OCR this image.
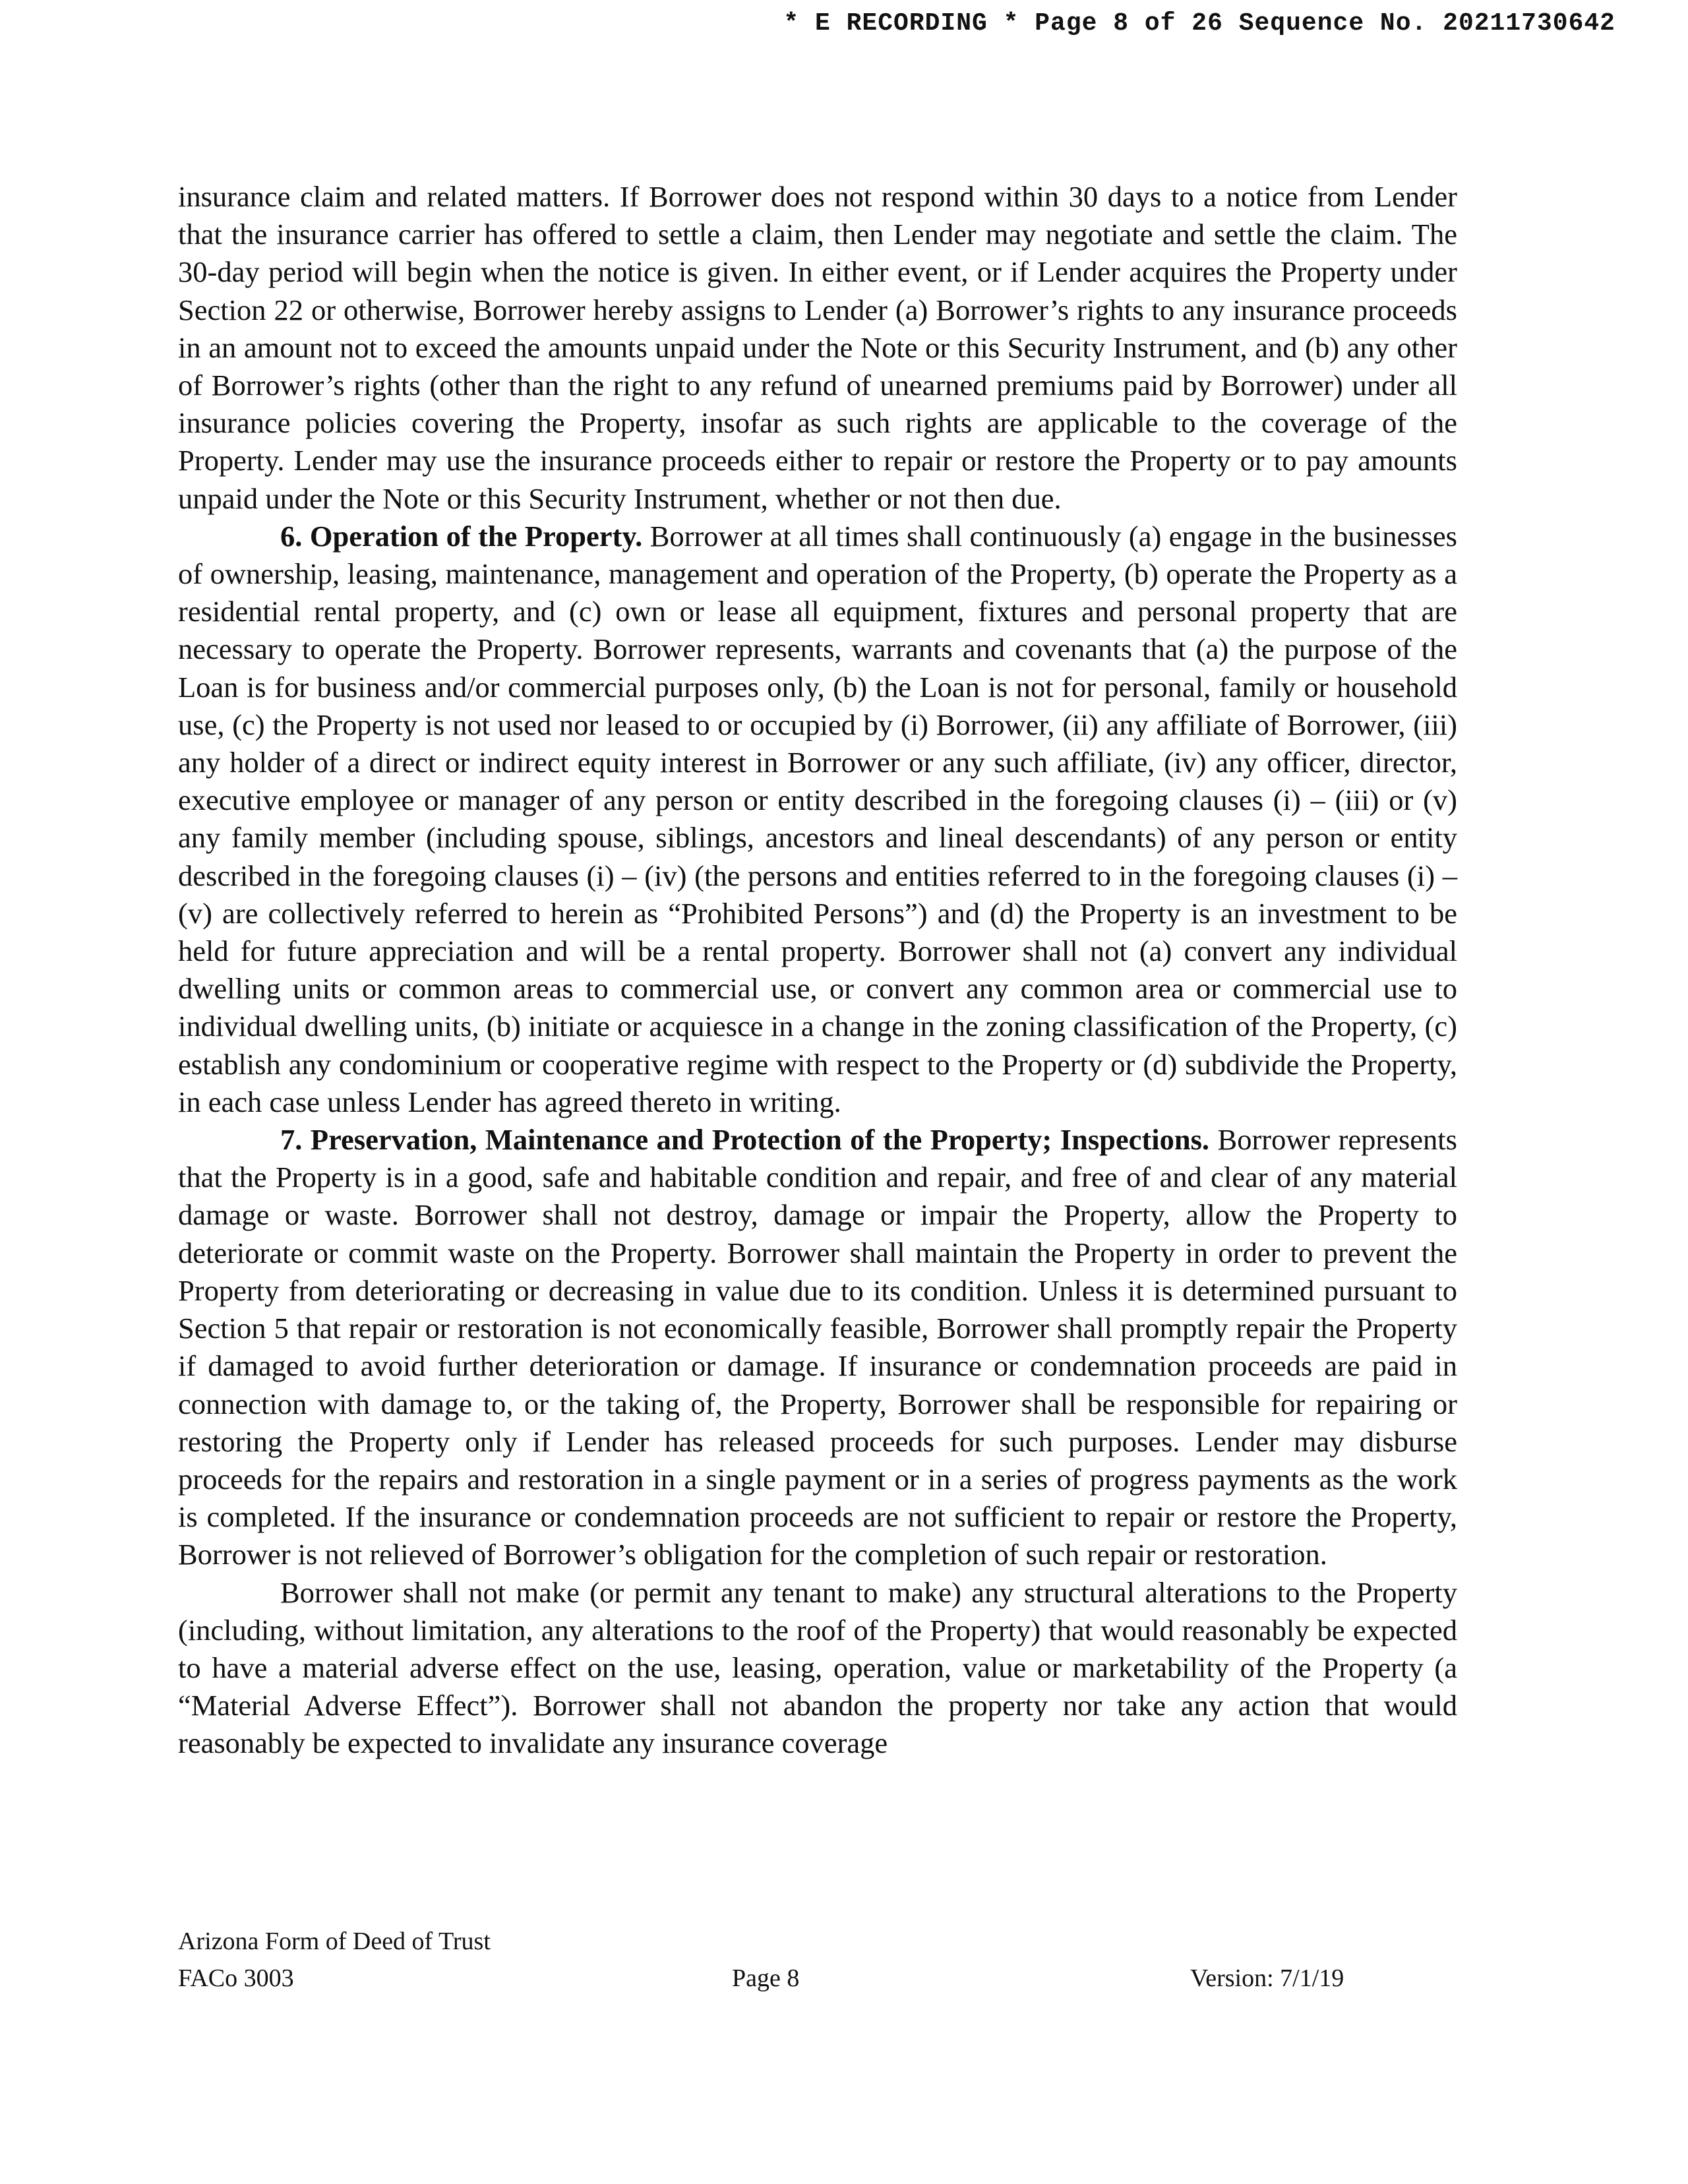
* E RECORDING * Page 8 of 26 Sequence No. 20211730642

insurance claim and related matters. If Borrower does not respond within 30 days to a notice from Lender that the insurance carrier has offered to settle a claim, then Lender may negotiate and settle the claim. The 30-day period will begin when the notice is given. In either event, or if Lender acquires the Property under Section 22 or otherwise, Borrower hereby assigns to Lender (a) Borrower’s rights to any insurance proceeds in an amount not to exceed the amounts unpaid under the Note or this Security Instrument, and (b) any other of Borrower’s rights (other than the right to any refund of unearned premiums paid by Borrower) under all insurance policies covering the Property, insofar as such rights are applicable to the coverage of the Property. Lender may use the insurance proceeds either to repair or restore the Property or to pay amounts unpaid under the Note or this Security Instrument, whether or not then due.

6. Operation of the Property. Borrower at all times shall continuously (a) engage in the businesses of ownership, leasing, maintenance, management and operation of the Property, (b) operate the Property as a residential rental property, and (c) own or lease all equipment, fixtures and personal property that are necessary to operate the Property. Borrower represents, warrants and covenants that (a) the purpose of the Loan is for business and/or commercial purposes only, (b) the Loan is not for personal, family or household use, (c) the Property is not used nor leased to or occupied by (i) Borrower, (ii) any affiliate of Borrower, (iii) any holder of a direct or indirect equity interest in Borrower or any such affiliate, (iv) any officer, director, executive employee or manager of any person or entity described in the foregoing clauses (i) – (iii) or (v) any family member (including spouse, siblings, ancestors and lineal descendants) of any person or entity described in the foregoing clauses (i) – (iv) (the persons and entities referred to in the foregoing clauses (i) – (v) are collectively referred to herein as “Prohibited Persons”) and (d) the Property is an investment to be held for future appreciation and will be a rental property. Borrower shall not (a) convert any individual dwelling units or common areas to commercial use, or convert any common area or commercial use to individual dwelling units, (b) initiate or acquiesce in a change in the zoning classification of the Property, (c) establish any condominium or cooperative regime with respect to the Property or (d) subdivide the Property, in each case unless Lender has agreed thereto in writing.

7. Preservation, Maintenance and Protection of the Property; Inspections. Borrower represents that the Property is in a good, safe and habitable condition and repair, and free of and clear of any material damage or waste. Borrower shall not destroy, damage or impair the Property, allow the Property to deteriorate or commit waste on the Property. Borrower shall maintain the Property in order to prevent the Property from deteriorating or decreasing in value due to its condition. Unless it is determined pursuant to Section 5 that repair or restoration is not economically feasible, Borrower shall promptly repair the Property if damaged to avoid further deterioration or damage. If insurance or condemnation proceeds are paid in connection with damage to, or the taking of, the Property, Borrower shall be responsible for repairing or restoring the Property only if Lender has released proceeds for such purposes. Lender may disburse proceeds for the repairs and restoration in a single payment or in a series of progress payments as the work is completed. If the insurance or condemnation proceeds are not sufficient to repair or restore the Property, Borrower is not relieved of Borrower’s obligation for the completion of such repair or restoration.

Borrower shall not make (or permit any tenant to make) any structural alterations to the Property (including, without limitation, any alterations to the roof of the Property) that would reasonably be expected to have a material adverse effect on the use, leasing, operation, value or marketability of the Property (a “Material Adverse Effect”). Borrower shall not abandon the property nor take any action that would reasonably be expected to invalidate any insurance coverage

Arizona Form of Deed of Trust
FACo 3003	Page 8	Version: 7/1/19
